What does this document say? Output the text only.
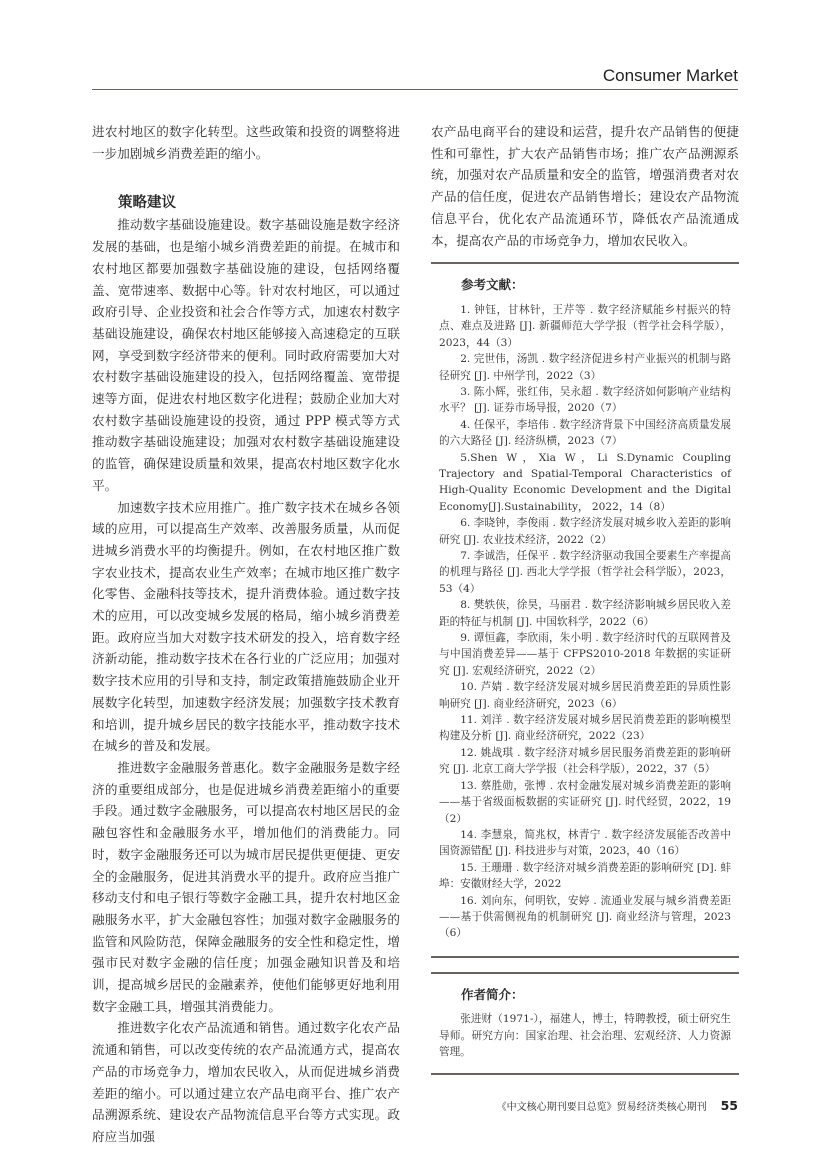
Consumer Market

进农村地区的数字化转型。这些政策和投资的调整将进一步加剧城乡消费差距的缩小。

策略建议

推动数字基础设施建设。数字基础设施是数字经济发展的基础，也是缩小城乡消费差距的前提。在城市和农村地区都要加强数字基础设施的建设，包括网络覆盖、宽带速率、数据中心等。针对农村地区，可以通过政府引导、企业投资和社会合作等方式，加速农村数字基础设施建设，确保农村地区能够接入高速稳定的互联网，享受到数字经济带来的便利。同时政府需要加大对农村数字基础设施建设的投入，包括网络覆盖、宽带提速等方面，促进农村地区数字化进程；鼓励企业加大对农村数字基础设施建设的投资，通过 PPP 模式等方式推动数字基础设施建设；加强对农村数字基础设施建设的监管，确保建设质量和效果，提高农村地区数字化水平。

加速数字技术应用推广。推广数字技术在城乡各领域的应用，可以提高生产效率、改善服务质量，从而促进城乡消费水平的均衡提升。例如，在农村地区推广数字农业技术，提高农业生产效率；在城市地区推广数字化零售、金融科技等技术，提升消费体验。通过数字技术的应用，可以改变城乡发展的格局，缩小城乡消费差距。政府应当加大对数字技术研发的投入，培育数字经济新动能，推动数字技术在各行业的广泛应用；加强对数字技术应用的引导和支持，制定政策措施鼓励企业开展数字化转型，加速数字经济发展；加强数字技术教育和培训，提升城乡居民的数字技能水平，推动数字技术在城乡的普及和发展。

推进数字金融服务普惠化。数字金融服务是数字经济的重要组成部分，也是促进城乡消费差距缩小的重要手段。通过数字金融服务，可以提高农村地区居民的金融包容性和金融服务水平，增加他们的消费能力。同时，数字金融服务还可以为城市居民提供更便捷、更安全的金融服务，促进其消费水平的提升。政府应当推广移动支付和电子银行等数字金融工具，提升农村地区金融服务水平，扩大金融包容性；加强对数字金融服务的监管和风险防范，保障金融服务的安全性和稳定性，增强市民对数字金融的信任度；加强金融知识普及和培训，提高城乡居民的金融素养，使他们能够更好地利用数字金融工具，增强其消费能力。

推进数字化农产品流通和销售。通过数字化农产品流通和销售，可以改变传统的农产品流通方式，提高农产品的市场竞争力，增加农民收入，从而促进城乡消费差距的缩小。可以通过建立农产品电商平台、推广农产品溯源系统、建设农产品物流信息平台等方式实现。政府应当加强

农产品电商平台的建设和运营，提升农产品销售的便捷性和可靠性，扩大农产品销售市场；推广农产品溯源系统，加强对农产品质量和安全的监管，增强消费者对农产品的信任度，促进农产品销售增长；建设农产品物流信息平台，优化农产品流通环节，降低农产品流通成本，提高农产品的市场竞争力，增加农民收入。

参考文献：

1. 钟钰，甘林针，王芹等 . 数字经济赋能乡村振兴的特点、难点及进路 [J]. 新疆师范大学学报（哲学社会科学版），2023，44（3）

2. 完世伟，汤凯 . 数字经济促进乡村产业振兴的机制与路径研究 [J]. 中州学刊，2022（3）

3. 陈小辉，张红伟，吴永超 . 数字经济如何影响产业结构水平？ [J]. 证券市场导报，2020（7）

4. 任保平，李培伟 . 数字经济背景下中国经济高质量发展的六大路径 [J]. 经济纵横，2023（7）

5.Shen W，Xia W，Li S.Dynamic Coupling Trajectory and Spatial-Temporal Characteristics of High-Quality Economic Development and the Digital Economy[J].Sustainability， 2022，14（8）

6. 李晓钟，李俊雨 . 数字经济发展对城乡收入差距的影响研究 [J]. 农业技术经济，2022（2）

7. 李诚浩，任保平 . 数字经济驱动我国全要素生产率提高的机理与路径 [J]. 西北大学学报（哲学社会科学版），2023，53（4）

8. 樊轶侠，徐昊，马丽君 . 数字经济影响城乡居民收入差距的特征与机制 [J]. 中国软科学，2022（6）

9. 谭恒鑫，李欣雨，朱小明 . 数字经济时代的互联网普及与中国消费差异——基于 CFPS2010-2018 年数据的实证研究 [J]. 宏观经济研究，2022（2）

10. 芦婧 . 数字经济发展对城乡居民消费差距的异质性影响研究 [J]. 商业经济研究，2023（6）

11. 刘洋 . 数字经济发展对城乡居民消费差距的影响模型构建及分析 [J]. 商业经济研究，2022（23）

12. 姚战琪 . 数字经济对城乡居民服务消费差距的影响研究 [J]. 北京工商大学学报（社会科学版），2022，37（5）

13. 蔡胜勋，张博 . 农村金融发展对城乡消费差距的影响——基于省级面板数据的实证研究 [J]. 时代经贸，2022，19（2）

14. 李慧泉，简兆权，林青宁 . 数字经济发展能否改善中国资源错配 [J]. 科技进步与对策，2023，40（16）

15. 王珊珊 . 数字经济对城乡消费差距的影响研究 [D]. 蚌埠：安徽财经大学，2022

16. 刘向东，何明钦，安婷 . 流通业发展与城乡消费差距——基于供需侧视角的机制研究 [J]. 商业经济与管理，2023（6）

作者简介：

张进财（1971-），福建人，博士，特聘教授，硕士研究生导师。研究方向：国家治理、社会治理、宏观经济、人力资源管理。

《中文核心期刊要目总览》贸易经济类核心期刊 55
